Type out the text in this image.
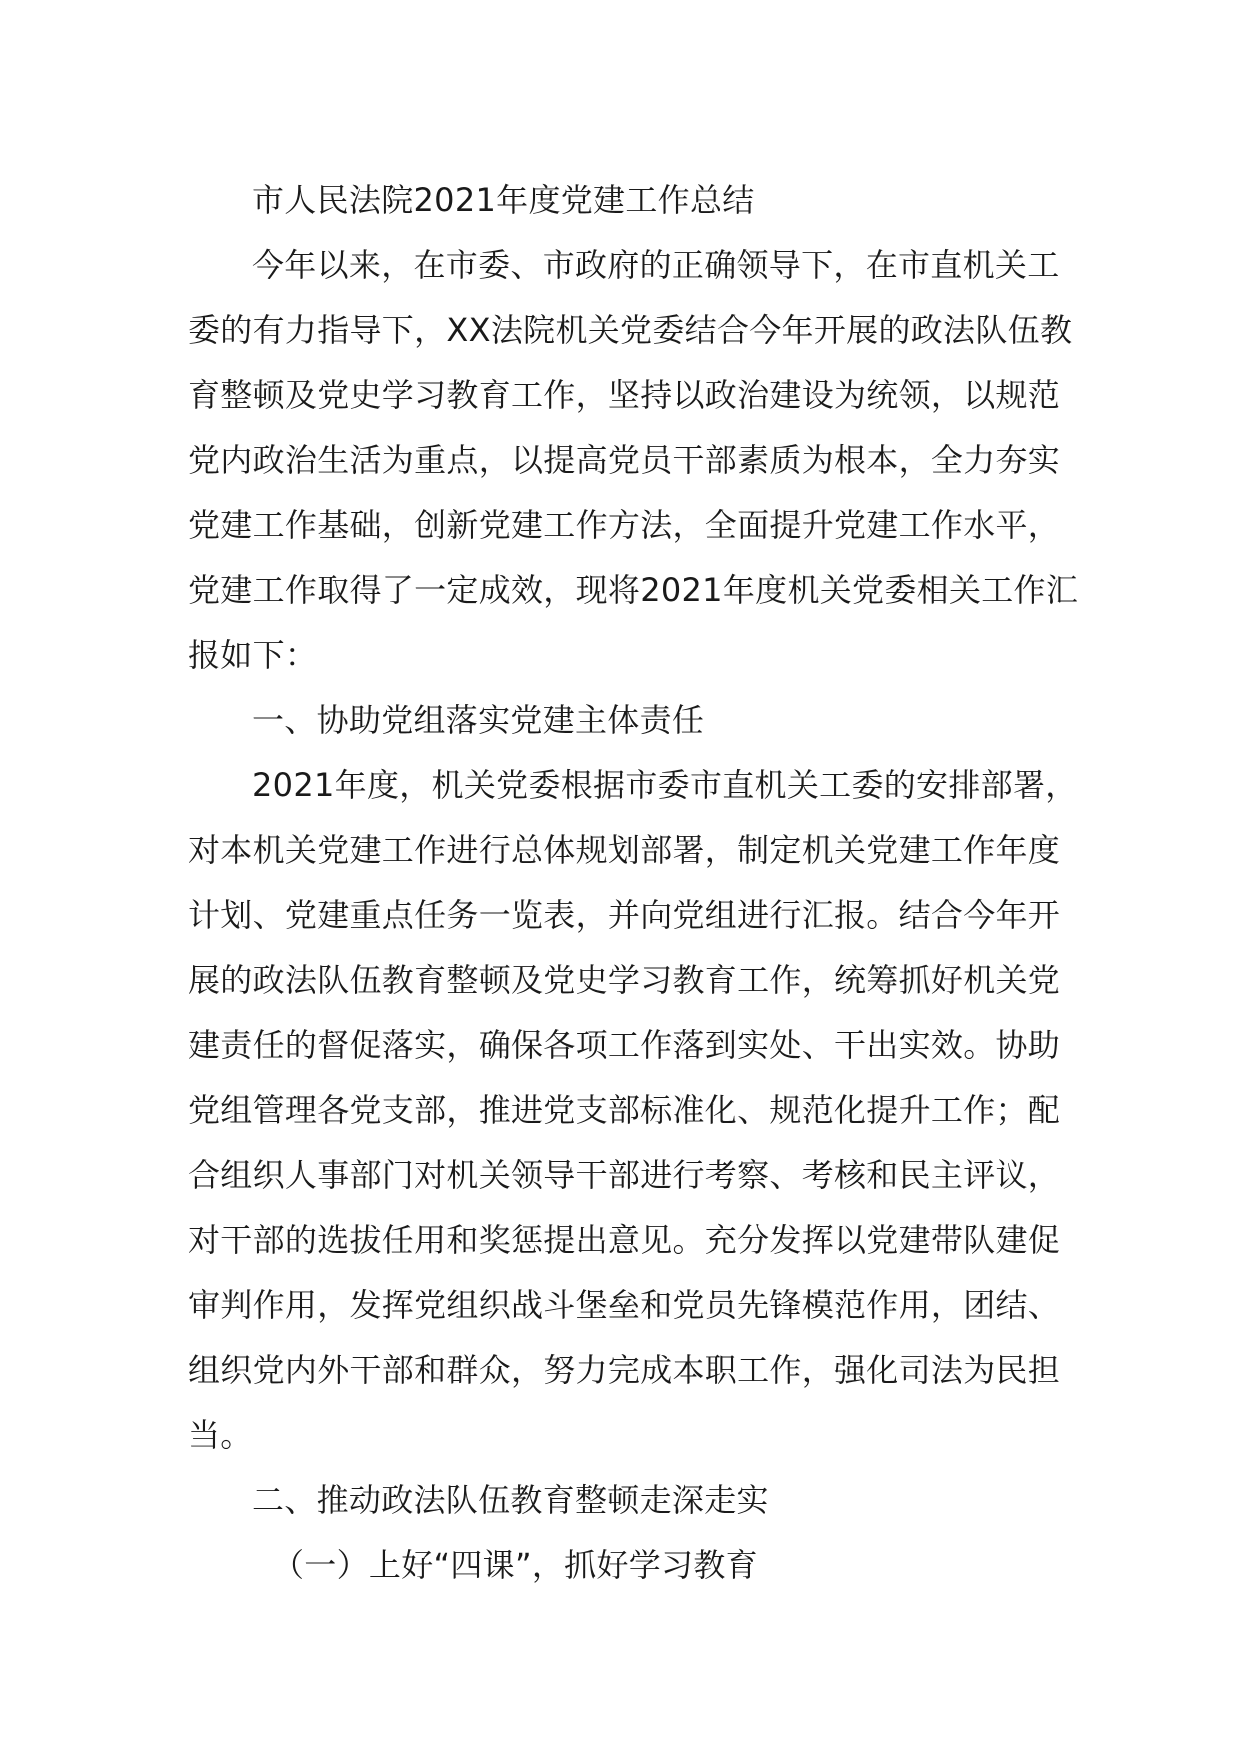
市人民法院2021年度党建工作总结
今年以来，在市委、市政府的正确领导下，在市直机关工
委的有力指导下，XX法院机关党委结合今年开展的政法队伍教
育整顿及党史学习教育工作，坚持以政治建设为统领，以规范
党内政治生活为重点，以提高党员干部素质为根本，全力夯实
党建工作基础，创新党建工作方法，全面提升党建工作水平，
党建工作取得了一定成效，现将2021年度机关党委相关工作汇
报如下：
一、协助党组落实党建主体责任
2021年度，机关党委根据市委市直机关工委的安排部署，
对本机关党建工作进行总体规划部署，制定机关党建工作年度
计划、党建重点任务一览表，并向党组进行汇报。结合今年开
展的政法队伍教育整顿及党史学习教育工作，统筹抓好机关党
建责任的督促落实，确保各项工作落到实处、干出实效。协助
党组管理各党支部，推进党支部标准化、规范化提升工作；配
合组织人事部门对机关领导干部进行考察、考核和民主评议，
对干部的选拔任用和奖惩提出意见。充分发挥以党建带队建促
审判作用，发挥党组织战斗堡垒和党员先锋模范作用，团结、
组织党内外干部和群众，努力完成本职工作，强化司法为民担
当。
二、推动政法队伍教育整顿走深走实
（一）上好“四课”，抓好学习教育
